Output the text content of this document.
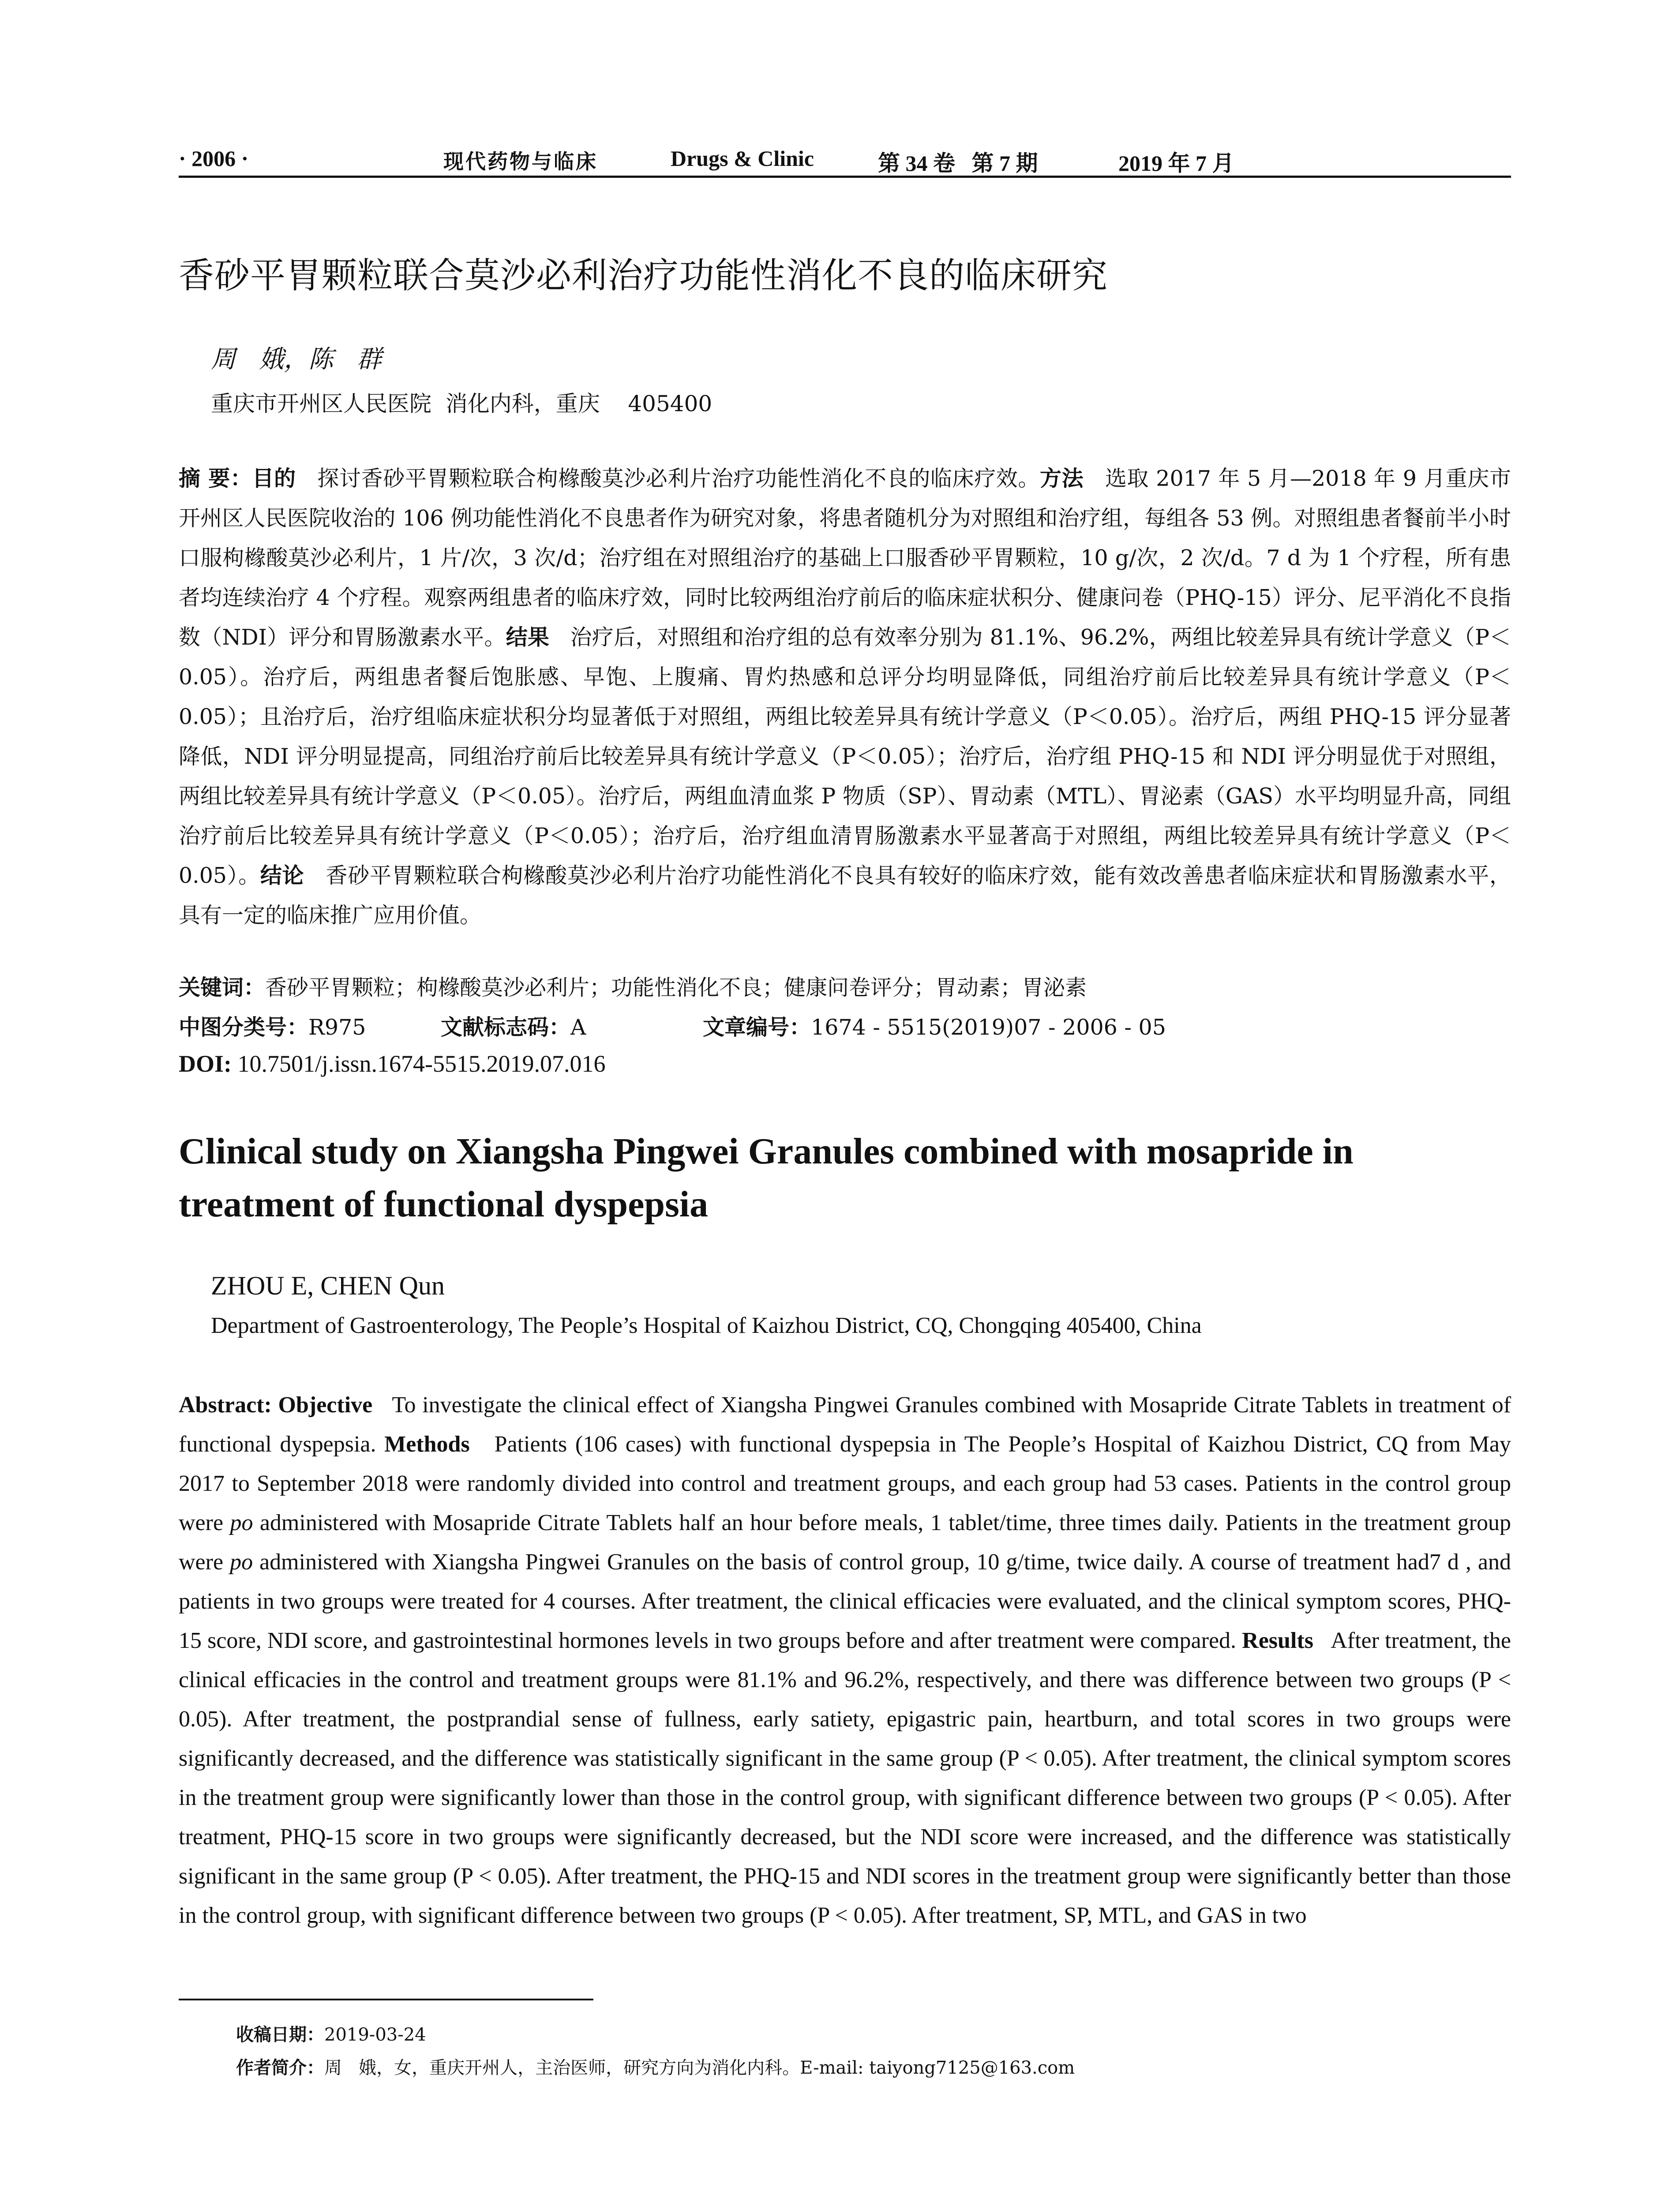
· 2006 ·	现代药物与临床	Drugs & Clinic	第 34 卷   第 7 期	2019 年 7 月
香砂平胃颗粒联合莫沙必利治疗功能性消化不良的临床研究
周   娥，陈   群
重庆市开州区人民医院  消化内科，重庆    405400
摘 要：目的 探讨香砂平胃颗粒联合枸橼酸莫沙必利片治疗功能性消化不良的临床疗效。方法 选取 2017 年 5 月—2018 年 9 月重庆市开州区人民医院收治的 106 例功能性消化不良患者作为研究对象，将患者随机分为对照组和治疗组，每组各 53 例。对照组患者餐前半小时口服枸橼酸莫沙必利片，1 片/次，3 次/d；治疗组在对照组治疗的基础上口服香砂平胃颗粒，10 g/次，2 次/d。7 d 为 1 个疗程，所有患者均连续治疗 4 个疗程。观察两组患者的临床疗效，同时比较两组治疗前后的临床症状积分、健康问卷（PHQ-15）评分、尼平消化不良指数（NDI）评分和胃肠激素水平。结果 治疗后，对照组和治疗组的总有效率分别为 81.1%、96.2%，两组比较差异具有统计学意义（P＜0.05）。治疗后，两组患者餐后饱胀感、早饱、上腹痛、胃灼热感和总评分均明显降低，同组治疗前后比较差异具有统计学意义（P＜0.05）；且治疗后，治疗组临床症状积分均显著低于对照组，两组比较差异具有统计学意义（P＜0.05）。治疗后，两组 PHQ-15 评分显著降低，NDI 评分明显提高，同组治疗前后比较差异具有统计学意义（P＜0.05）；治疗后，治疗组 PHQ-15 和 NDI 评分明显优于对照组，两组比较差异具有统计学意义（P＜0.05）。治疗后，两组血清血浆 P 物质（SP）、胃动素（MTL）、胃泌素（GAS）水平均明显升高，同组治疗前后比较差异具有统计学意义（P＜0.05）；治疗后，治疗组血清胃肠激素水平显著高于对照组，两组比较差异具有统计学意义（P＜0.05）。结论 香砂平胃颗粒联合枸橼酸莫沙必利片治疗功能性消化不良具有较好的临床疗效，能有效改善患者临床症状和胃肠激素水平，具有一定的临床推广应用价值。
关键词：香砂平胃颗粒；枸橼酸莫沙必利片；功能性消化不良；健康问卷评分；胃动素；胃泌素
中图分类号：R975	文献标志码：A	文章编号：1674 - 5515(2019)07 - 2006 - 05
DOI: 10.7501/j.issn.1674-5515.2019.07.016
Clinical study on Xiangsha Pingwei Granules combined with mosapride in treatment of functional dyspepsia
ZHOU E, CHEN Qun
Department of Gastroenterology, The People’s Hospital of Kaizhou District, CQ, Chongqing 405400, China
Abstract: Objective To investigate the clinical effect of Xiangsha Pingwei Granules combined with Mosapride Citrate Tablets in treatment of functional dyspepsia. Methods Patients (106 cases) with functional dyspepsia in The People’s Hospital of Kaizhou District, CQ from May 2017 to September 2018 were randomly divided into control and treatment groups, and each group had 53 cases. Patients in the control group were po administered with Mosapride Citrate Tablets half an hour before meals, 1 tablet/time, three times daily. Patients in the treatment group were po administered with Xiangsha Pingwei Granules on the basis of control group, 10 g/time, twice daily. A course of treatment had7 d , and patients in two groups were treated for 4 courses. After treatment, the clinical efficacies were evaluated, and the clinical symptom scores, PHQ-15 score, NDI score, and gastrointestinal hormones levels in two groups before and after treatment were compared. Results After treatment, the clinical efficacies in the control and treatment groups were 81.1% and 96.2%, respectively, and there was difference between two groups (P < 0.05). After treatment, the postprandial sense of fullness, early satiety, epigastric pain, heartburn, and total scores in two groups were significantly decreased, and the difference was statistically significant in the same group (P < 0.05). After treatment, the clinical symptom scores in the treatment group were significantly lower than those in the control group, with significant difference between two groups (P < 0.05). After treatment, PHQ-15 score in two groups were significantly decreased, but the NDI score were increased, and the difference was statistically significant in the same group (P < 0.05). After treatment, the PHQ-15 and NDI scores in the treatment group were significantly better than those in the control group, with significant difference between two groups (P < 0.05). After treatment, SP, MTL, and GAS in two
收稿日期：2019-03-24
作者简介：周   娥，女，重庆开州人，主治医师，研究方向为消化内科。E-mail: taiyong7125@163.com
